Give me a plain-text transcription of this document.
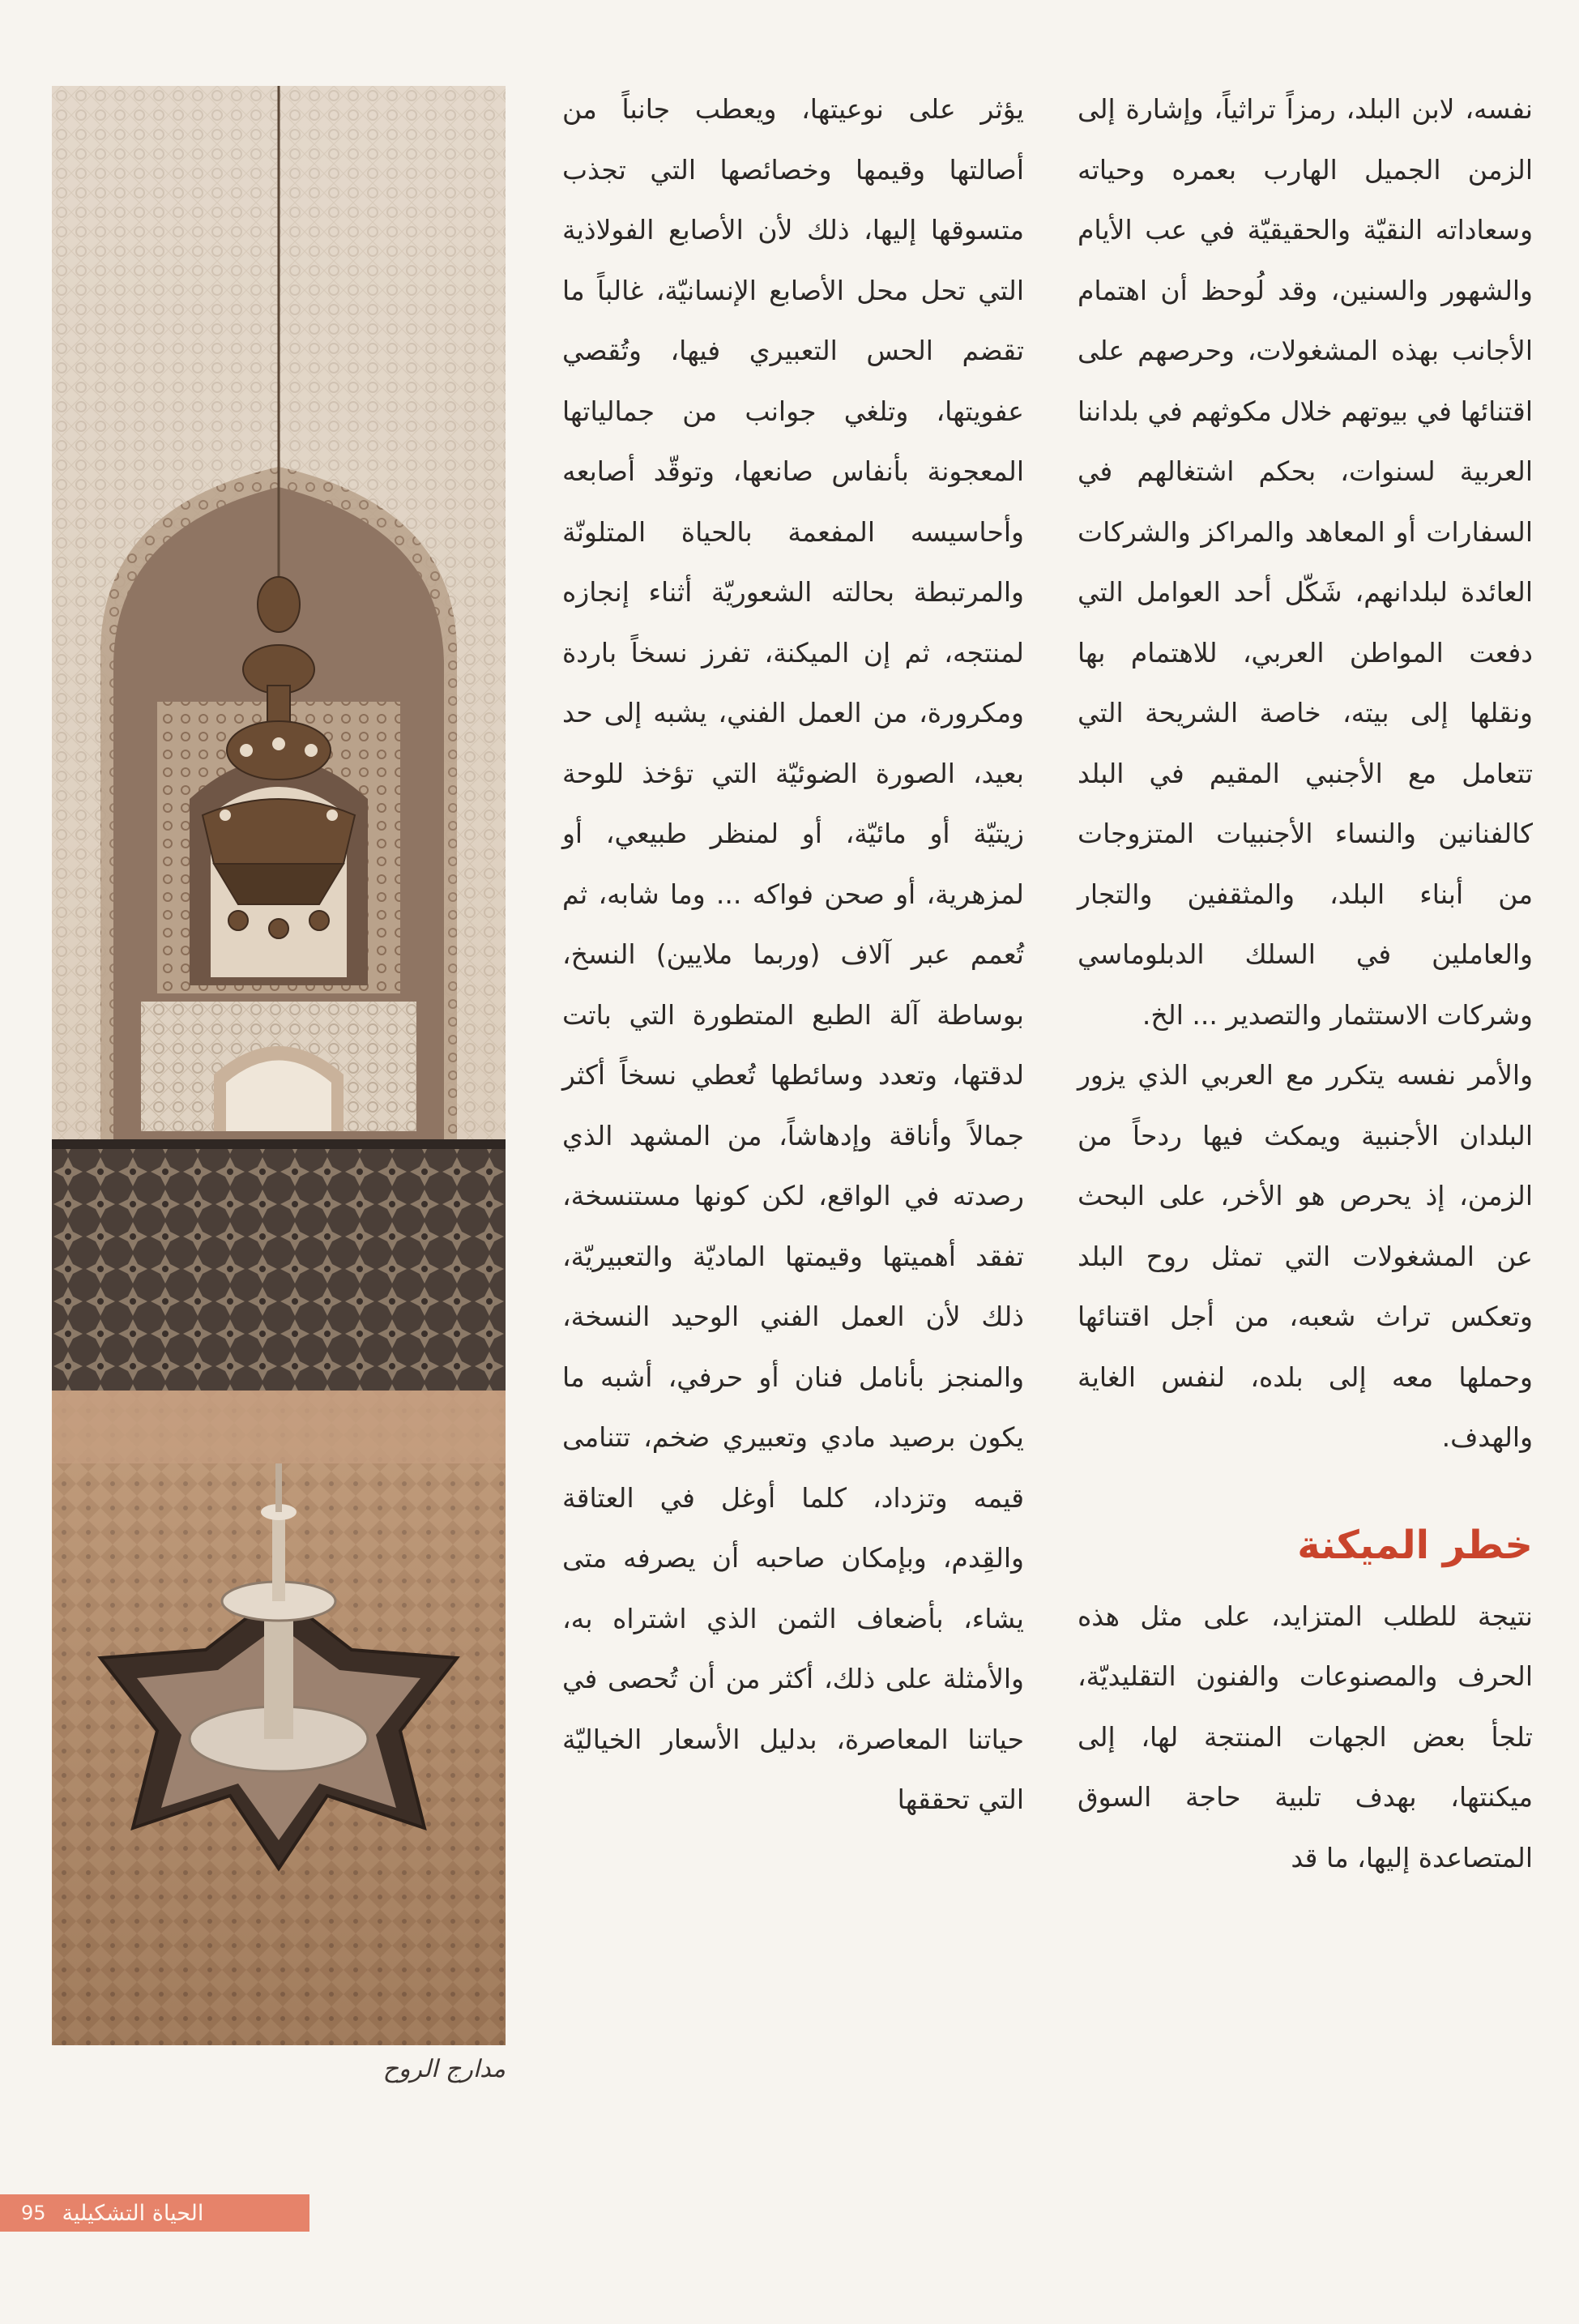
مدارج الروح

يؤثر على نوعيتها، ويعطب جانباً من أصالتها وقيمها وخصائصها التي تجذب متسوقها إليها، ذلك لأن الأصابع الفولاذية التي تحل محل الأصابع الإنسانيّة، غالباً ما تقضم الحس التعبيري فيها، وتُقصي عفويتها، وتلغي جوانب من جمالياتها المعجونة بأنفاس صانعها، وتوقّد أصابعه وأحاسيسه المفعمة بالحياة المتلونّة والمرتبطة بحالته الشعوريّة أثناء إنجازه لمنتجه، ثم إن الميكنة، تفرز نسخاً باردة ومكرورة، من العمل الفني، يشبه إلى حد بعيد، الصورة الضوئيّة التي تؤخذ للوحة زيتيّة أو مائيّة، أو لمنظر طبيعي، أو لمزهرية، أو صحن فواكه ... وما شابه، ثم تُعمم عبر آلاف (وربما ملايين) النسخ، بوساطة آلة الطبع المتطورة التي باتت لدقتها، وتعدد وسائطها تُعطي نسخاً أكثر جمالاً وأناقة وإدهاشاً، من المشهد الذي رصدته في الواقع، لكن كونها مستنسخة، تفقد أهميتها وقيمتها الماديّة والتعبيريّة، ذلك لأن العمل الفني الوحيد النسخة، والمنجز بأنامل فنان أو حرفي، أشبه ما يكون برصيد مادي وتعبيري ضخم، تتنامى قيمه وتزداد، كلما أوغل في العتاقة والقِدم، وبإمكان صاحبه أن يصرفه متى يشاء، بأضعاف الثمن الذي اشتراه به، والأمثلة على ذلك، أكثر من أن تُحصى في حياتنا المعاصرة، بدليل الأسعار الخياليّة التي تحققها

نفسه، لابن البلد، رمزاً تراثياً، وإشارة إلى الزمن الجميل الهارب بعمره وحياته وسعاداته النقيّة والحقيقيّة في عب الأيام والشهور والسنين، وقد لُوحظ أن اهتمام الأجانب بهذه المشغولات، وحرصهم على اقتنائها في بيوتهم خلال مكوثهم في بلداننا العربية لسنوات، بحكم اشتغالهم في السفارات أو المعاهد والمراكز والشركات العائدة لبلدانهم، شَكّل أحد العوامل التي دفعت المواطن العربي، للاهتمام بها ونقلها إلى بيته، خاصة الشريحة التي تتعامل مع الأجنبي المقيم في البلد كالفنانين والنساء الأجنبيات المتزوجات من أبناء البلد، والمثقفين والتجار والعاملين في السلك الدبلوماسي وشركات الاستثمار والتصدير ... الخ.

والأمر نفسه يتكرر مع العربي الذي يزور البلدان الأجنبية ويمكث فيها ردحاً من الزمن، إذ يحرص هو الأخر، على البحث عن المشغولات التي تمثل روح البلد وتعكس تراث شعبه، من أجل اقتنائها وحملها معه إلى بلده، لنفس الغاية والهدف.

خطر الميكنة

نتيجة للطلب المتزايد، على مثل هذه الحرف والمصنوعات والفنون التقليديّة، تلجأ بعض الجهات المنتجة لها، إلى ميكنتها، بهدف تلبية حاجة السوق المتصاعدة إليها، ما قد

الحياة التشكيلية
95
